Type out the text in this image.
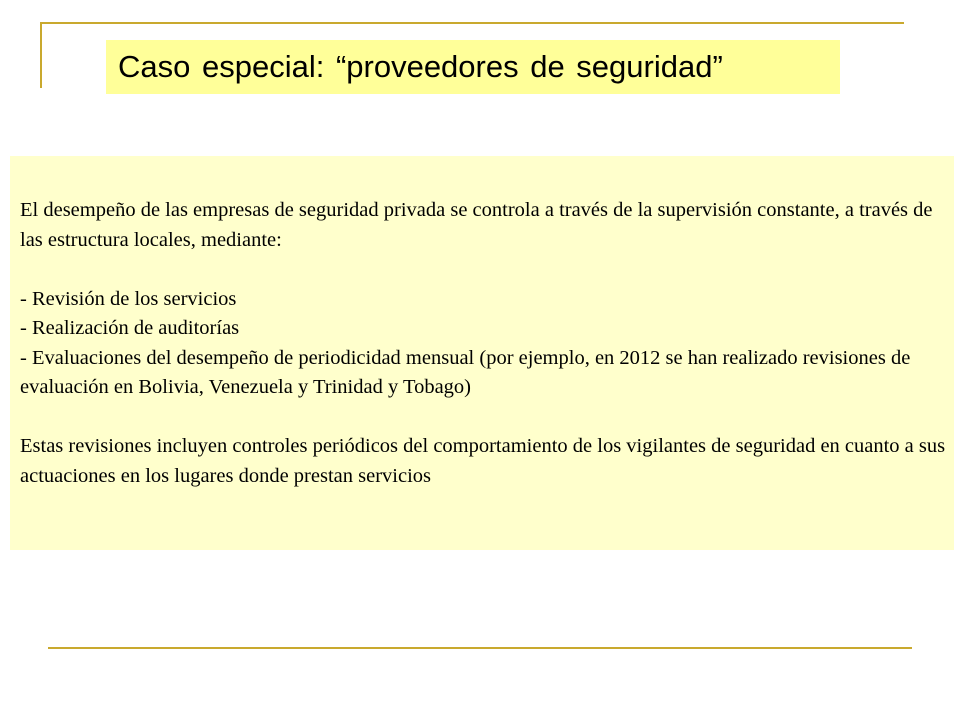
Caso especial: “proveedores de seguridad”

El desempeño de las empresas de seguridad privada se controla a través de la supervisión constante, a través de las estructura locales, mediante:

- Revisión de los servicios

- Realización de auditorías

- Evaluaciones del desempeño de periodicidad mensual (por ejemplo, en 2012 se han realizado revisiones de evaluación en Bolivia, Venezuela y Trinidad y Tobago)

Estas revisiones incluyen controles periódicos del comportamiento de los vigilantes de seguridad en cuanto a sus actuaciones en los lugares donde prestan servicios
